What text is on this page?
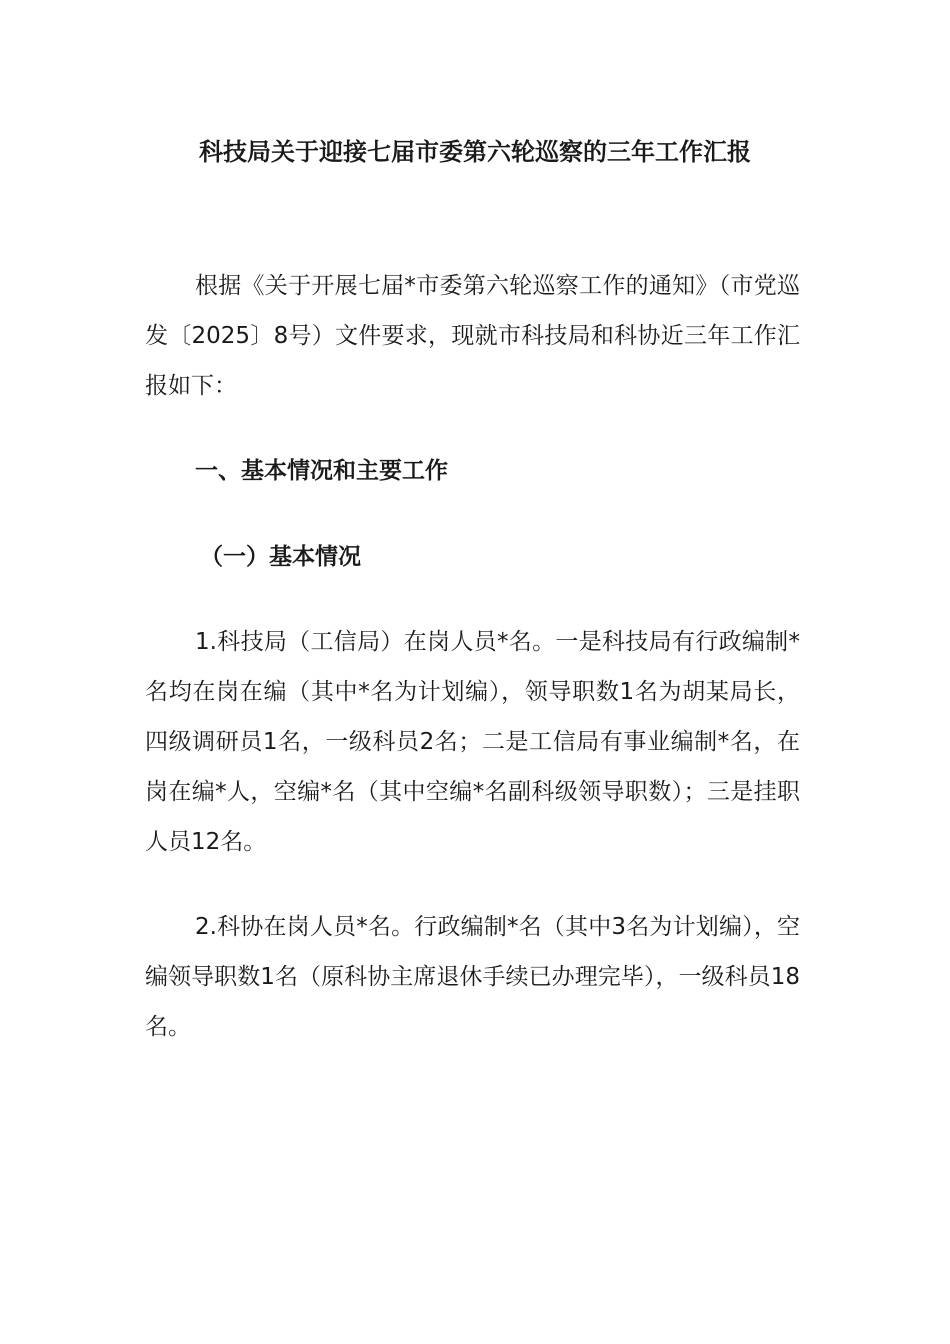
科技局关于迎接七届市委第六轮巡察的三年工作汇报

根据《关于开展七届*市委第六轮巡察工作的通知》（市党巡发〔2025〕8号）文件要求，现就市科技局和科协近三年工作汇报如下：

一、基本情况和主要工作
（一）基本情况

1.科技局（工信局）在岗人员*名。一是科技局有行政编制*名均在岗在编（其中*名为计划编），领导职数1名为胡某局长，四级调研员1名，一级科员2名；二是工信局有事业编制*名，在岗在编*人，空编*名（其中空编*名副科级领导职数）；三是挂职人员12名。

2.科协在岗人员*名。行政编制*名（其中3名为计划编），空编领导职数1名（原科协主席退休手续已办理完毕），一级科员18名。
